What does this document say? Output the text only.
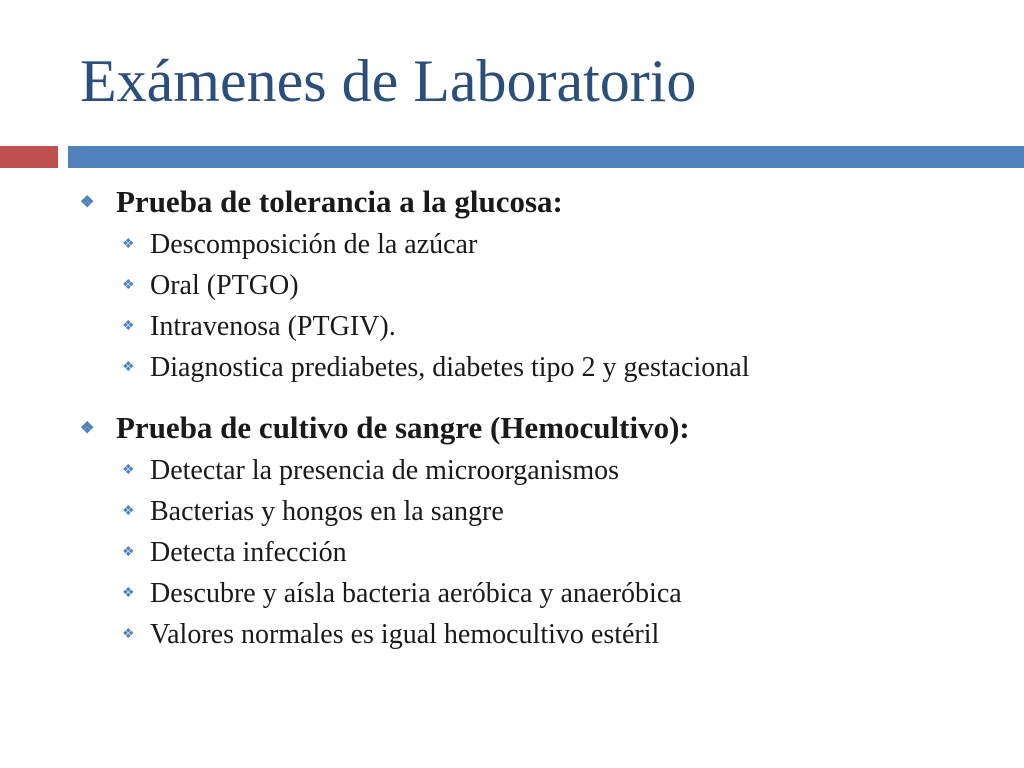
Exámenes de Laboratorio
❖ Prueba de tolerancia a la glucosa:
❖ Descomposición de la azúcar
❖ Oral (PTGO)
❖ Intravenosa (PTGIV).
❖ Diagnostica prediabetes, diabetes tipo 2 y gestacional
❖ Prueba de cultivo de sangre (Hemocultivo):
❖ Detectar la presencia de microorganismos
❖ Bacterias y hongos en la sangre
❖ Detecta infección
❖ Descubre y aísla bacteria aeróbica y anaeróbica
❖ Valores normales es igual hemocultivo estéril
